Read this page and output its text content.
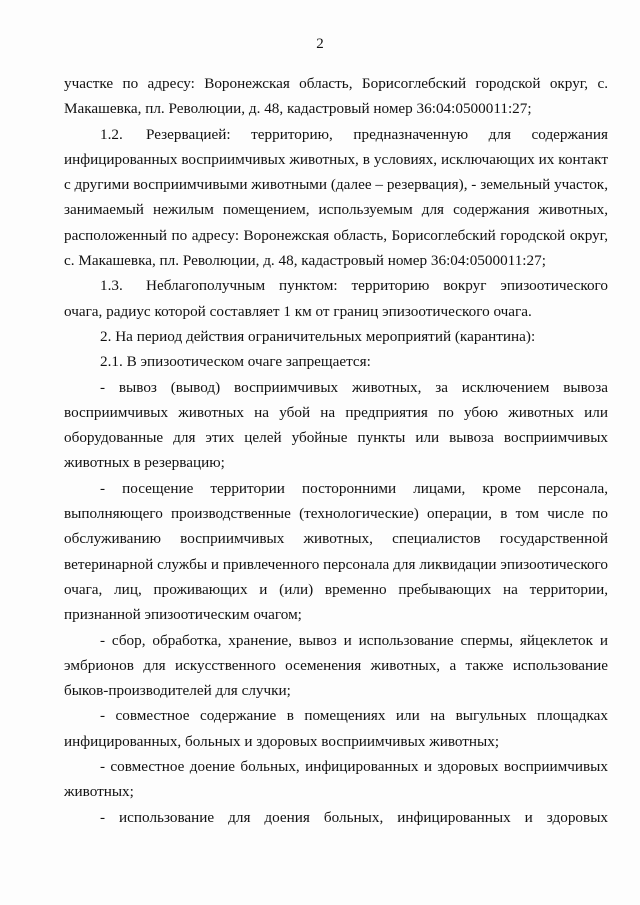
2

участке по адресу: Воронежская область, Борисоглебский городской округ, с. Макашевка, пл. Революции, д. 48, кадастровый номер 36:04:0500011:27;

1.2. Резервацией: территорию, предназначенную для содержания инфицированных восприимчивых животных, в условиях, исключающих их контакт с другими восприимчивыми животными (далее – резервация), - земельный участок, занимаемый нежилым помещением, используемым для содержания животных, расположенный по адресу: Воронежская область, Борисоглебский городской округ, с. Макашевка, пл. Революции, д. 48, кадастровый номер 36:04:0500011:27;

1.3. Неблагополучным пунктом: территорию вокруг эпизоотического очага, радиус которой составляет 1 км от границ эпизоотического очага.

2. На период действия ограничительных мероприятий (карантина):

2.1. В эпизоотическом очаге запрещается:

- вывоз (вывод) восприимчивых животных, за исключением вывоза восприимчивых животных на убой на предприятия по убою животных или оборудованные для этих целей убойные пункты или вывоза восприимчивых животных в резервацию;

- посещение территории посторонними лицами, кроме персонала, выполняющего производственные (технологические) операции, в том числе по обслуживанию восприимчивых животных, специалистов государственной ветеринарной службы и привлеченного персонала для ликвидации эпизоотического очага, лиц, проживающих и (или) временно пребывающих на территории, признанной эпизоотическим очагом;

- сбор, обработка, хранение, вывоз и использование спермы, яйцеклеток и эмбрионов для искусственного осеменения животных, а также использование быков-производителей для случки;

- совместное содержание в помещениях или на выгульных площадках инфицированных, больных и здоровых восприимчивых животных;

- совместное доение больных, инфицированных и здоровых восприимчивых животных;

- использование для доения больных, инфицированных и здоровых
